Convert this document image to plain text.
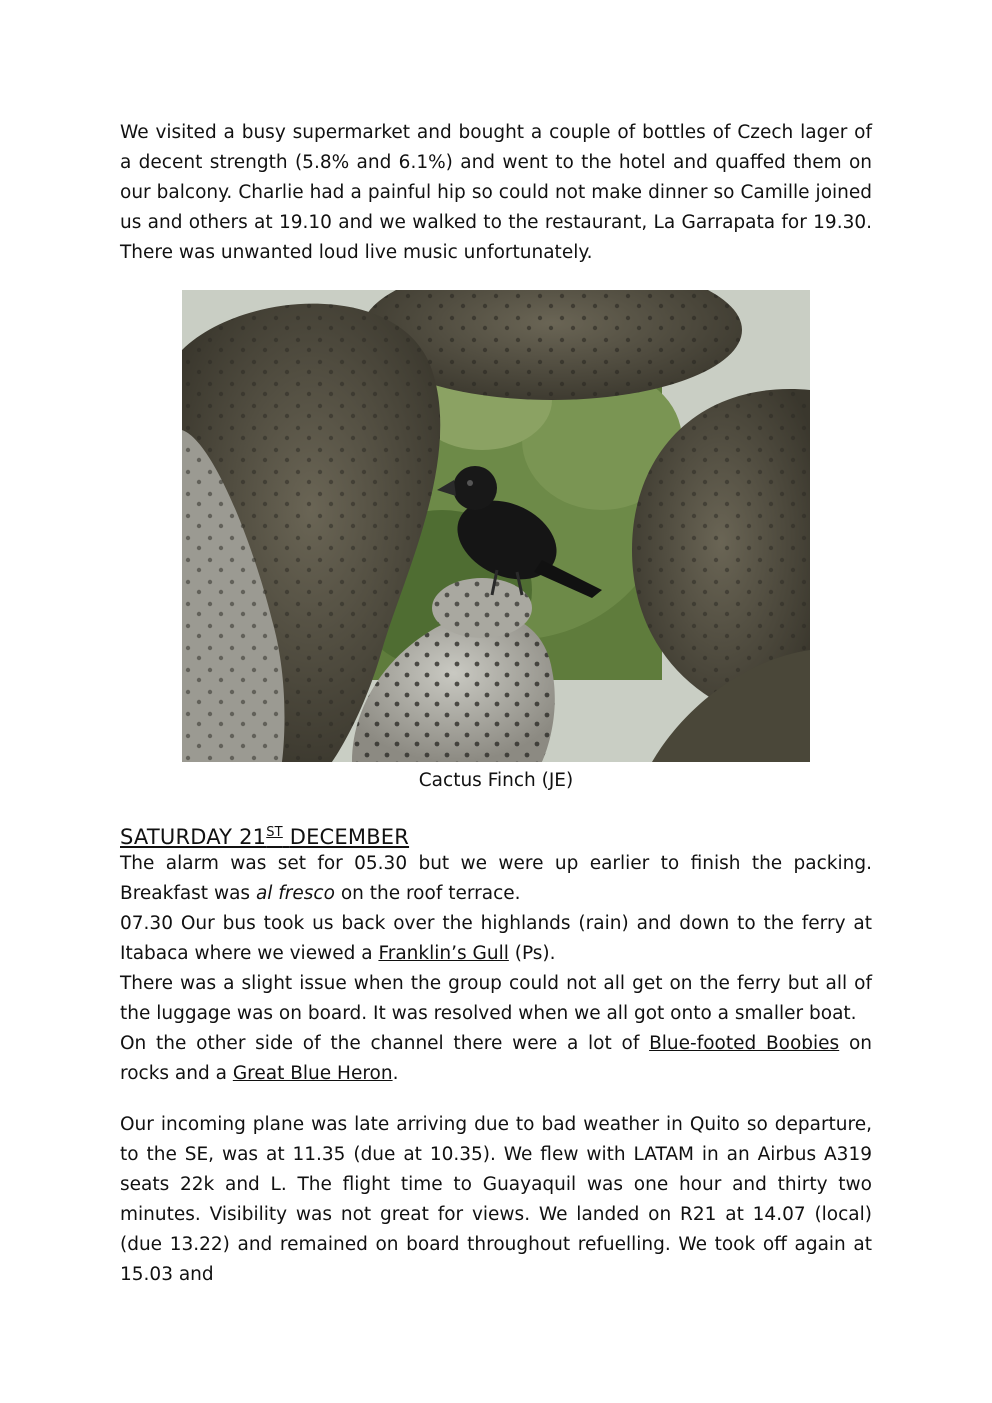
We visited a busy supermarket and bought a couple of bottles of Czech lager of a decent strength (5.8% and 6.1%) and went to the hotel and quaffed them on our balcony. Charlie had a painful hip so could not make dinner so Camille joined us and others at 19.10 and we walked to the restaurant, La Garrapata for 19.30. There was unwanted loud live music unfortunately.

Cactus Finch (JE)
SATURDAY 21ST DECEMBER

The alarm was set for 05.30 but we were up earlier to finish the packing. Breakfast was al fresco on the roof terrace.

07.30 Our bus took us back over the highlands (rain) and down to the ferry at Itabaca where we viewed a Franklin’s Gull (Ps).

There was a slight issue when the group could not all get on the ferry but all of the luggage was on board. It was resolved when we all got onto a smaller boat.

On the other side of the channel there were a lot of Blue-footed Boobies on rocks and a Great Blue Heron.

Our incoming plane was late arriving due to bad weather in Quito so departure, to the SE, was at 11.35 (due at 10.35). We flew with LATAM in an Airbus A319 seats 22k and L. The flight time to Guayaquil was one hour and thirty two minutes. Visibility was not great for views. We landed on R21 at 14.07 (local) (due 13.22) and remained on board throughout refuelling. We took off again at 15.03 and
